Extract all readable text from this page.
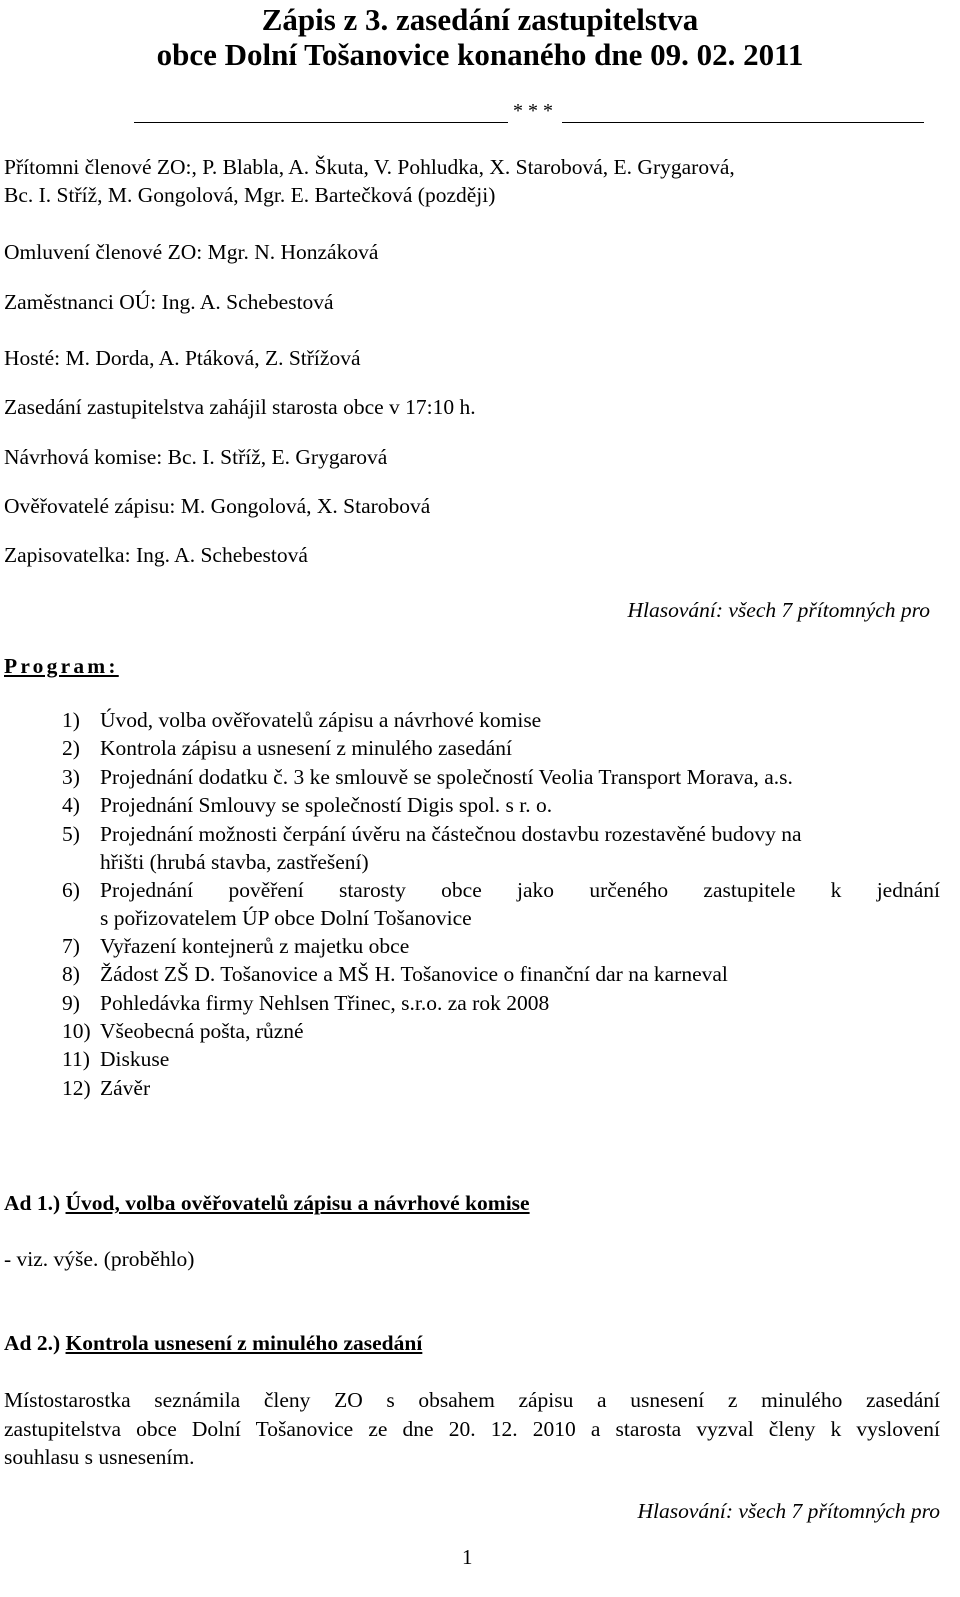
Zápis z 3. zasedání zastupitelstva
obce Dolní Tošanovice konaného dne 09. 02. 2011
* * *
Přítomni členové ZO:, P. Blabla, A. Škuta, V. Pohludka, X. Starobová, E. Grygarová,
Bc. I. Stříž, M. Gongolová, Mgr. E. Bartečková (později)
Omluvení členové ZO: Mgr. N. Honzáková
Zaměstnanci OÚ: Ing. A. Schebestová
Hosté: M. Dorda, A. Ptáková, Z. Střížová
Zasedání zastupitelstva zahájil starosta obce v 17:10 h.
Návrhová komise: Bc. I. Stříž, E. Grygarová
Ověřovatelé zápisu: M. Gongolová, X. Starobová
Zapisovatelka: Ing. A. Schebestová
Hlasování: všech 7 přítomných pro
Program:
1) Úvod, volba ověřovatelů zápisu a návrhové komise
2) Kontrola zápisu a usnesení z minulého zasedání
3) Projednání dodatku č. 3 ke smlouvě se společností Veolia Transport Morava, a.s.
4) Projednání Smlouvy se společností Digis spol. s r. o.
5) Projednání možnosti čerpání úvěru na částečnou dostavbu rozestavěné budovy na
hřišti (hrubá stavba, zastřešení)
6) Projednání pověření starosty obce jako určeného zastupitele k jednání
s pořizovatelem ÚP obce Dolní Tošanovice
7) Vyřazení kontejnerů z majetku obce
8) Žádost ZŠ D. Tošanovice a MŠ H. Tošanovice o finanční dar na karneval
9) Pohledávka firmy Nehlsen Třinec, s.r.o. za rok 2008
10) Všeobecná pošta, různé
11) Diskuse
12) Závěr
Ad 1.) Úvod, volba ověřovatelů zápisu a návrhové komise
- viz. výše. (proběhlo)
Ad 2.) Kontrola usnesení z minulého zasedání
Místostarostka seznámila členy ZO s obsahem zápisu a usnesení z minulého zasedání
zastupitelstva obce Dolní Tošanovice ze dne 20. 12. 2010 a starosta vyzval členy k vyslovení
souhlasu s usnesením.
Hlasování: všech 7 přítomných pro
1
